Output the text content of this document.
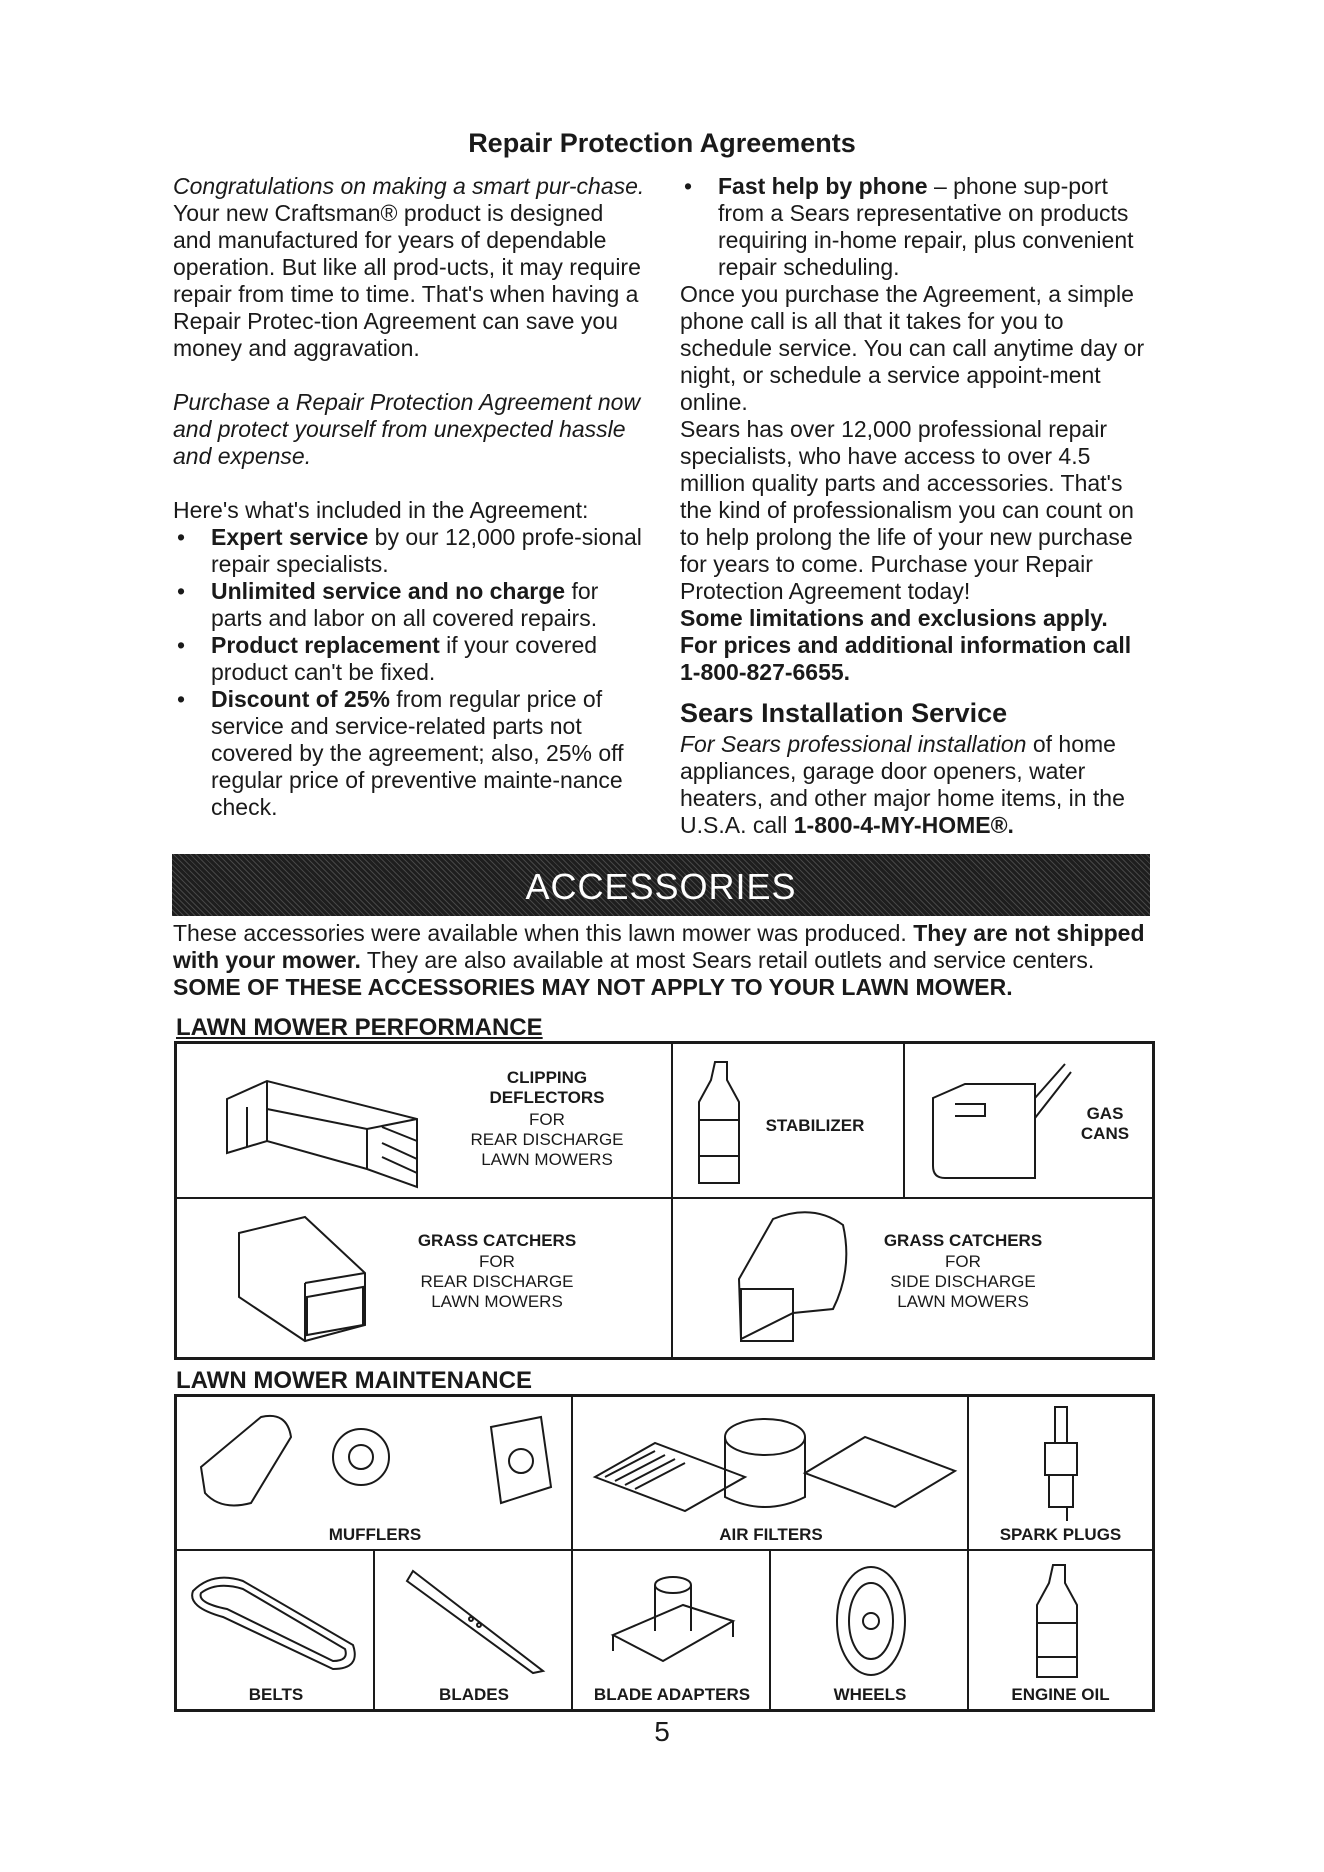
Repair Protection Agreements

Congratulations on making a smart pur-chase. Your new Craftsman® product is designed and manufactured for years of dependable operation. But like all prod-ucts, it may require repair from time to time. That's when having a Repair Protec-tion Agreement can save you money and aggravation.

Purchase a Repair Protection Agreement now and protect yourself from unexpected hassle and expense.

Here's what's included in the Agreement:

• Expert service by our 12,000 profe-sional repair specialists.

• Unlimited service and no charge for parts and labor on all covered repairs.

• Product replacement if your covered product can't be fixed.

• Discount of 25% from regular price of service and service-related parts not covered by the agreement; also, 25% off regular price of preventive mainte-nance check.

• Fast help by phone – phone sup-port from a Sears representative on products requiring in-home repair, plus convenient repair scheduling.

Once you purchase the Agreement, a simple phone call is all that it takes for you to schedule service. You can call anytime day or night, or schedule a service appoint-ment online.

Sears has over 12,000 professional repair specialists, who have access to over 4.5 million quality parts and accessories. That's the kind of professionalism you can count on to help prolong the life of your new purchase for years to come. Purchase your Repair Protection Agreement today!

Some limitations and exclusions apply.

For prices and additional information call 1-800-827-6655.

Sears Installation Service

For Sears professional installation of home appliances, garage door openers, water heaters, and other major home items, in the U.S.A. call 1-800-4-MY-HOME®.

ACCESSORIES
These accessories were available when this lawn mower was produced. They are not shipped with your mower. They are also available at most Sears retail outlets and service centers. SOME OF THESE ACCESSORIES MAY NOT APPLY TO YOUR LAWN MOWER.
LAWN MOWER PERFORMANCE
CLIPPING
DEFLECTORS
FOR
REAR DISCHARGE
LAWN MOWERS
STABILIZER
GAS
CANS
GRASS CATCHERS
FOR
REAR DISCHARGE
LAWN MOWERS
GRASS CATCHERS
FOR
SIDE DISCHARGE
LAWN MOWERS
LAWN MOWER MAINTENANCE
MUFFLERS	AIR FILTERS	SPARK PLUGS
BELTS	BLADES	BLADE ADAPTERS	WHEELS	ENGINE OIL
5
